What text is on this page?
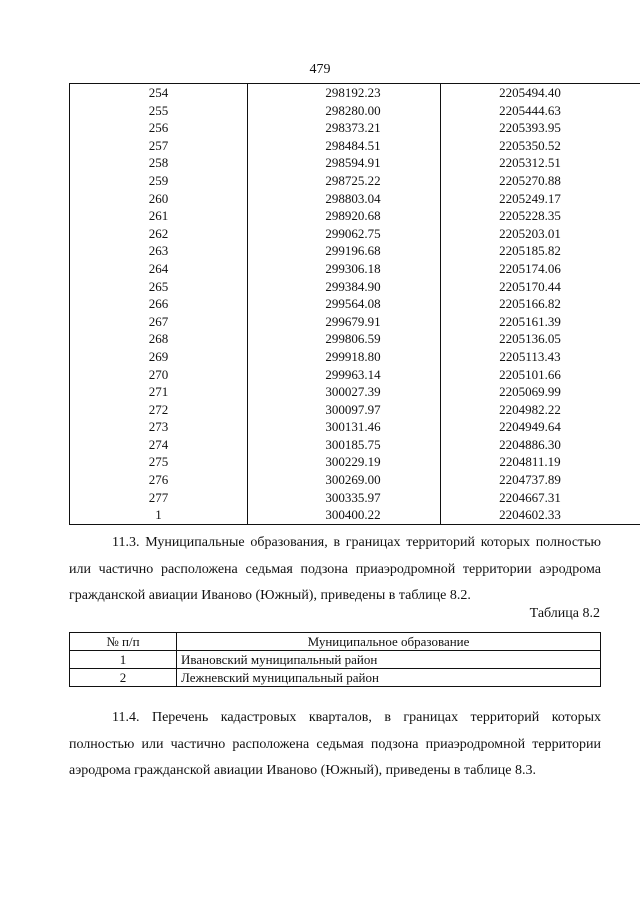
479
254	298192.23	2205494.40
255	298280.00	2205444.63
256	298373.21	2205393.95
257	298484.51	2205350.52
258	298594.91	2205312.51
259	298725.22	2205270.88
260	298803.04	2205249.17
261	298920.68	2205228.35
262	299062.75	2205203.01
263	299196.68	2205185.82
264	299306.18	2205174.06
265	299384.90	2205170.44
266	299564.08	2205166.82
267	299679.91	2205161.39
268	299806.59	2205136.05
269	299918.80	2205113.43
270	299963.14	2205101.66
271	300027.39	2205069.99
272	300097.97	2204982.22
273	300131.46	2204949.64
274	300185.75	2204886.30
275	300229.19	2204811.19
276	300269.00	2204737.89
277	300335.97	2204667.31
1	300400.22	2204602.33

11.3. Муниципальные образования, в границах территорий которых полностью или частично расположена седьмая подзона приаэродромной территории аэродрома гражданской авиации Иваново (Южный), приведены в таблице 8.2.

Таблица 8.2
№ п/п	Муниципальное образование
1	Ивановский муниципальный район
2	Лежневский муниципальный район

11.4. Перечень кадастровых кварталов, в границах территорий которых полностью или частично расположена седьмая подзона приаэродромной территории аэродрома гражданской авиации Иваново (Южный), приведены в таблице 8.3.
